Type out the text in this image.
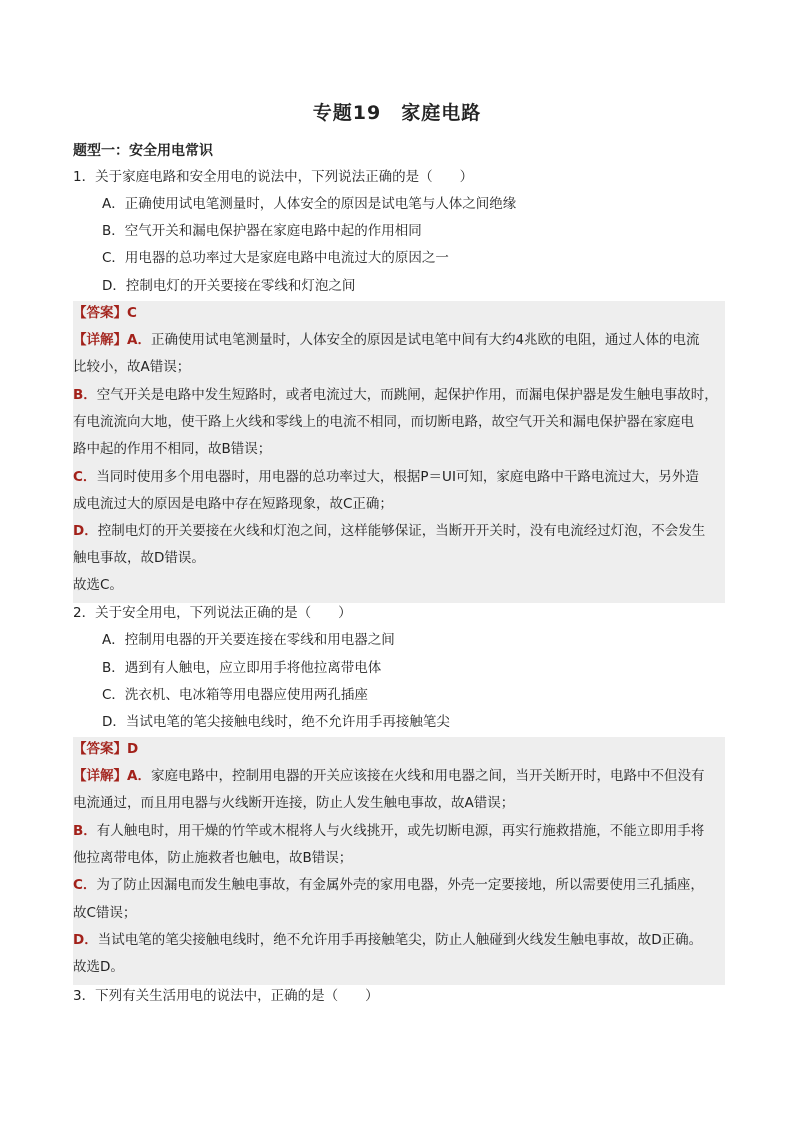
专题19　家庭电路
题型一：安全用电常识
1．关于家庭电路和安全用电的说法中，下列说法正确的是（　　）
A．正确使用试电笔测量时，人体安全的原因是试电笔与人体之间绝缘
B．空气开关和漏电保护器在家庭电路中起的作用相同
C．用电器的总功率过大是家庭电路中电流过大的原因之一
D．控制电灯的开关要接在零线和灯泡之间
【答案】C
【详解】A．正确使用试电笔测量时，人体安全的原因是试电笔中间有大约4兆欧的电阻，通过人体的电流
比较小，故A错误；
B．空气开关是电路中发生短路时，或者电流过大，而跳闸，起保护作用，而漏电保护器是发生触电事故时，
有电流流向大地，使干路上火线和零线上的电流不相同，而切断电路，故空气开关和漏电保护器在家庭电
路中起的作用不相同，故B错误；
C．当同时使用多个用电器时，用电器的总功率过大，根据P＝UI可知，家庭电路中干路电流过大，另外造
成电流过大的原因是电路中存在短路现象，故C正确；
D．控制电灯的开关要接在火线和灯泡之间，这样能够保证，当断开开关时，没有电流经过灯泡，不会发生
触电事故，故D错误。
故选C。
2．关于安全用电，下列说法正确的是（　　）
A．控制用电器的开关要连接在零线和用电器之间
B．遇到有人触电，应立即用手将他拉离带电体
C．洗衣机、电冰箱等用电器应使用两孔插座
D．当试电笔的笔尖接触电线时，绝不允许用手再接触笔尖
【答案】D
【详解】A．家庭电路中，控制用电器的开关应该接在火线和用电器之间，当开关断开时，电路中不但没有
电流通过，而且用电器与火线断开连接，防止人发生触电事故，故A错误；
B．有人触电时，用干燥的竹竿或木棍将人与火线挑开，或先切断电源，再实行施救措施，不能立即用手将
他拉离带电体，防止施救者也触电，故B错误；
C．为了防止因漏电而发生触电事故，有金属外壳的家用电器，外壳一定要接地，所以需要使用三孔插座，
故C错误；
D．当试电笔的笔尖接触电线时，绝不允许用手再接触笔尖，防止人触碰到火线发生触电事故，故D正确。
故选D。
3．下列有关生活用电的说法中，正确的是（　　）
